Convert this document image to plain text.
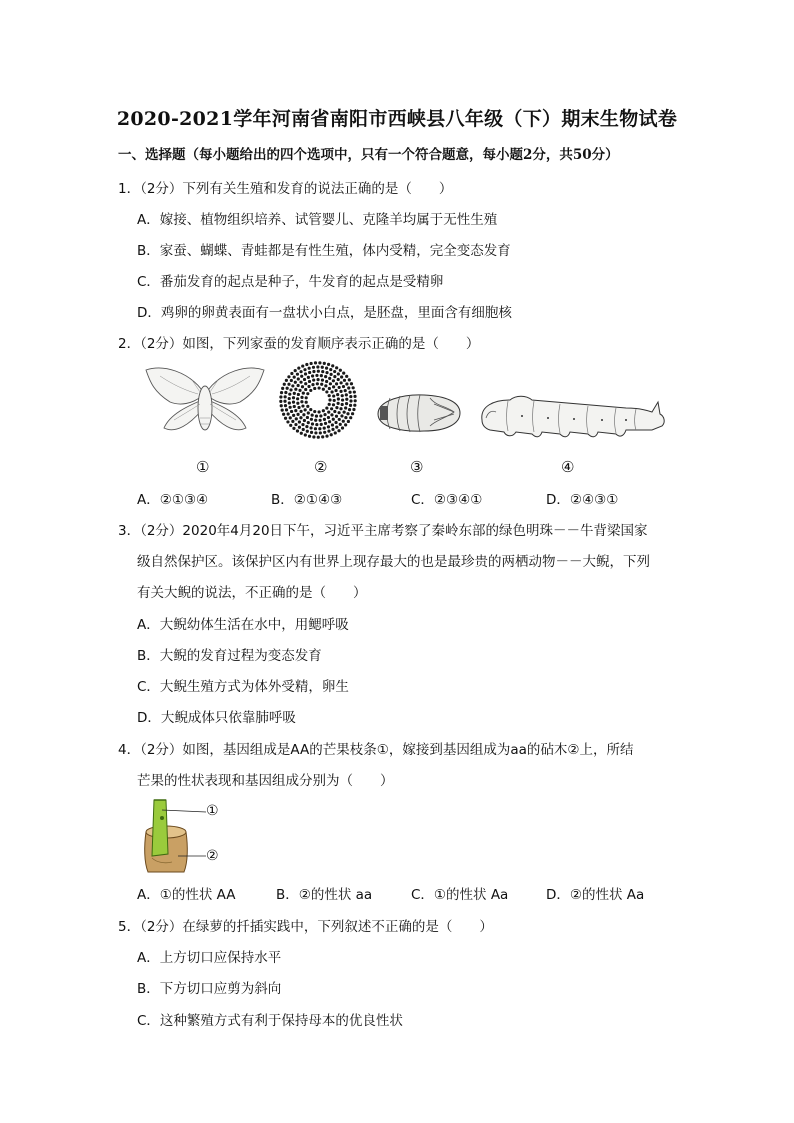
2020-2021学年河南省南阳市西峡县八年级（下）期末生物试卷
一、选择题（每小题给出的四个选项中，只有一个符合题意，每小题2分，共50分）
1．（2分）下列有关生殖和发育的说法正确的是（　　）
A．嫁接、植物组织培养、试管婴儿、克隆羊均属于无性生殖
B．家蚕、蝴蝶、青蛙都是有性生殖，体内受精，完全变态发育
C．番茄发育的起点是种子，牛发育的起点是受精卵
D．鸡卵的卵黄表面有一盘状小白点，是胚盘，里面含有细胞核
2．（2分）如图，下列家蚕的发育顺序表示正确的是（　　）
①	②	③	④
A．②①③④	B．②①④③	C．②③④①	D．②④③①
3．（2分）2020年4月20日下午，习近平主席考察了秦岭东部的绿色明珠－－牛背梁国家
级自然保护区。该保护区内有世界上现存最大的也是最珍贵的两栖动物－－大鲵，下列
有关大鲵的说法，不正确的是（　　）
A．大鲵幼体生活在水中，用鳃呼吸
B．大鲵的发育过程为变态发育
C．大鲵生殖方式为体外受精，卵生
D．大鲵成体只依靠肺呼吸
4．（2分）如图，基因组成是AA的芒果枝条①，嫁接到基因组成为aa的砧木②上，所结
芒果的性状表现和基因组成分别为（　　）
①
②
A．①的性状 AA	B．②的性状 aa	C．①的性状 Aa	D．②的性状 Aa
5．（2分）在绿萝的扦插实践中，下列叙述不正确的是（　　）
A．上方切口应保持水平
B．下方切口应剪为斜向
C．这种繁殖方式有利于保持母本的优良性状
